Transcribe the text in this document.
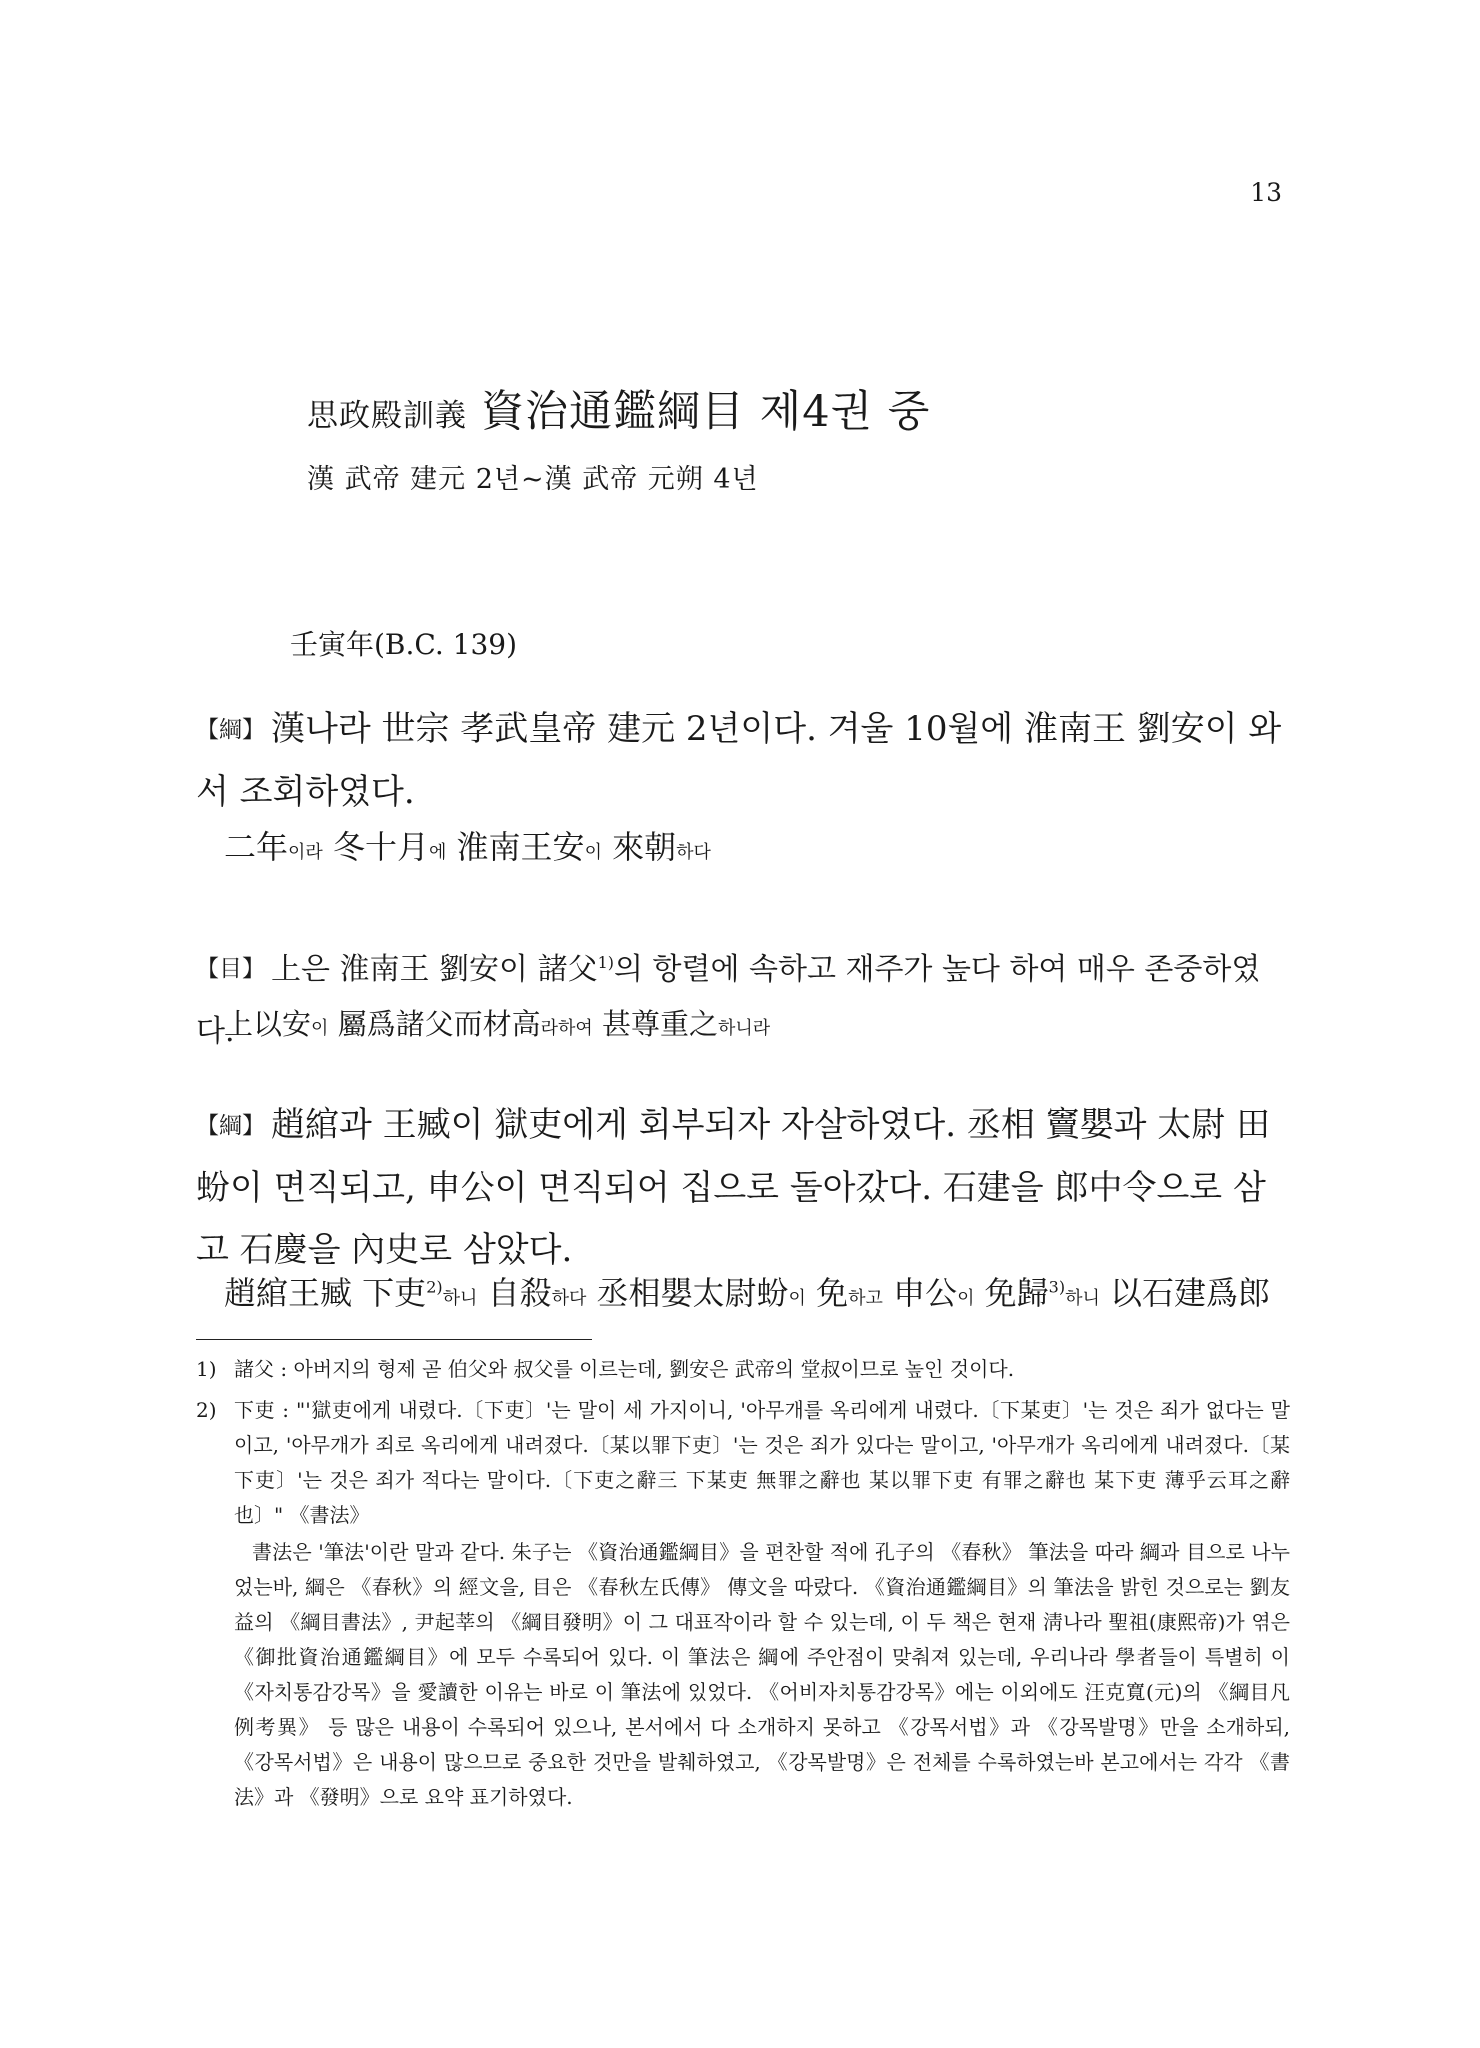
13
思政殿訓義 資治通鑑綱目 제4권 중
漢 武帝 建元 2년~漢 武帝 元朔 4년
壬寅年(B.C. 139)
【綱】 漢나라 世宗 孝武皇帝 建元 2년이다. 겨울 10월에 淮南王 劉安이 와서 조회하였다.
二年이라 冬十月에 淮南王安이 來朝하다
【目】 上은 淮南王 劉安이 諸父$^{1)}$의 항렬에 속하고 재주가 높다 하여 매우 존중하였다.
上以安이 屬爲諸父而材高라하여 甚尊重之하니라
【綱】 趙綰과 王臧이 獄吏에게 회부되자 자살하였다. 丞相 竇嬰과 太尉 田蚡이 면직되고, 申公이 면직되어 집으로 돌아갔다. 石建을 郎中令으로 삼고 石慶을 內史로 삼았다.
趙綰王臧 下吏$^{2)}$하니 自殺하다 丞相嬰太尉蚡이 免하고 申公이 免歸$^{3)}$하니 以石建爲郎
1) 諸父 : 아버지의 형제 곧 伯父와 叔父를 이르는데, 劉安은 武帝의 堂叔이므로 높인 것이다.
2) 下吏 : "'獄吏에게 내렸다.〔下吏〕'는 말이 세 가지이니, '아무개를 옥리에게 내렸다.〔下某吏〕'는 것은 죄가 없다는 말이고, '아무개가 죄로 옥리에게 내려졌다.〔某以罪下吏〕'는 것은 죄가 있다는 말이고, '아무개가 옥리에게 내려졌다.〔某下吏〕'는 것은 죄가 적다는 말이다.〔下吏之辭三 下某吏 無罪之辭也 某以罪下吏 有罪之辭也 某下吏 薄乎云耳之辭也〕" 《書法》
書法은 '筆法'이란 말과 같다. 朱子는 《資治通鑑綱目》을 편찬할 적에 孔子의 《春秋》 筆法을 따라 綱과 目으로 나누었는바, 綱은 《春秋》의 經文을, 目은 《春秋左氏傳》 傳文을 따랐다. 《資治通鑑綱目》의 筆法을 밝힌 것으로는 劉友益의 《綱目書法》, 尹起莘의 《綱目發明》이 그 대표작이라 할 수 있는데, 이 두 책은 현재 淸나라 聖祖(康熙帝)가 엮은 《御批資治通鑑綱目》에 모두 수록되어 있다. 이 筆法은 綱에 주안점이 맞춰져 있는데, 우리나라 學者들이 특별히 이 《자치통감강목》을 愛讀한 이유는 바로 이 筆法에 있었다. 《어비자치통감강목》에는 이외에도 汪克寬(元)의 《綱目凡例考異》 등 많은 내용이 수록되어 있으나, 본서에서 다 소개하지 못하고 《강목서법》과 《강목발명》만을 소개하되, 《강목서법》은 내용이 많으므로 중요한 것만을 발췌하였고, 《강목발명》은 전체를 수록하였는바 본고에서는 각각 《書法》과 《發明》으로 요약 표기하였다.
